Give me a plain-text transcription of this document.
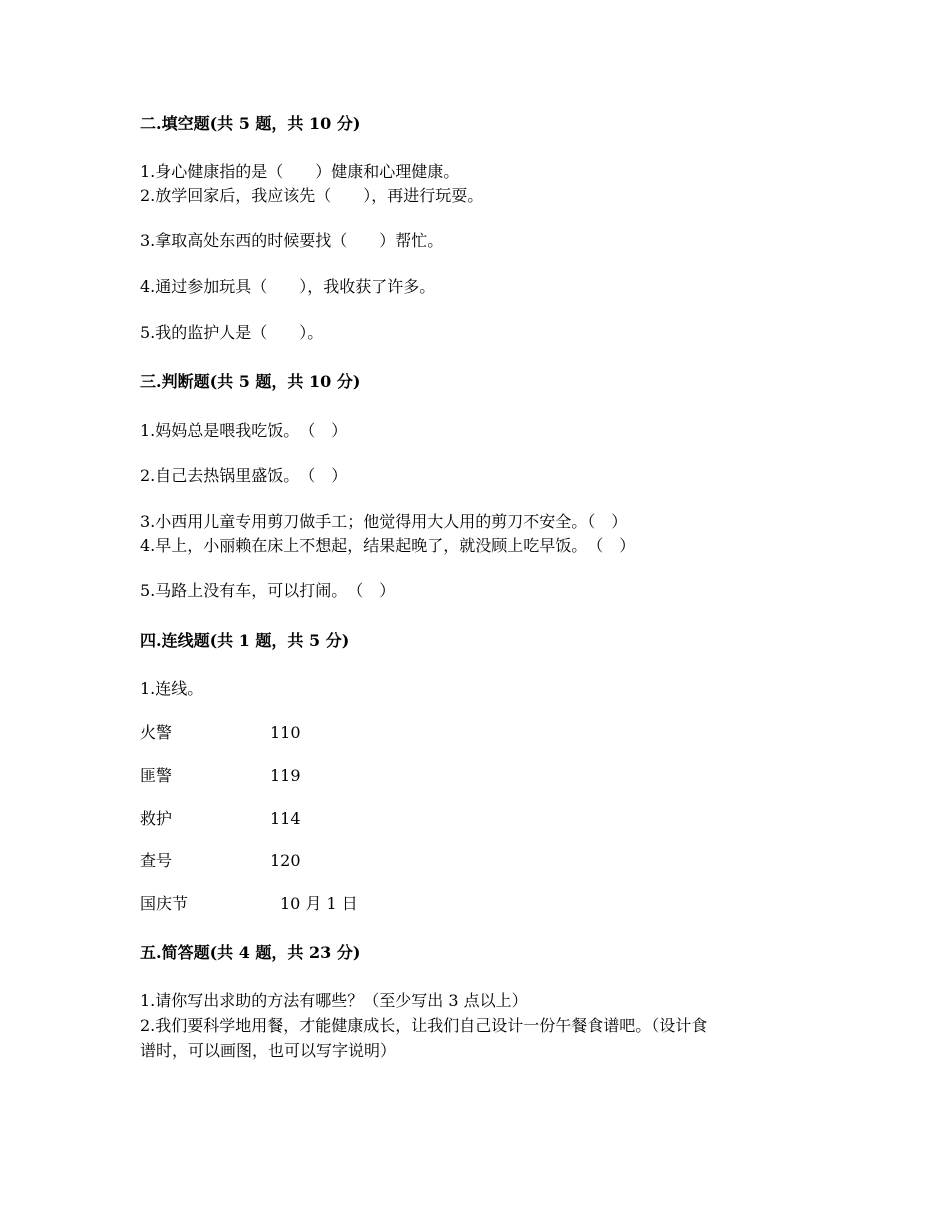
二.填空题(共 5 题，共 10 分)
1.身心健康指的是（　　）健康和心理健康。
2.放学回家后，我应该先（　　），再进行玩耍。
3.拿取高处东西的时候要找（　　）帮忙。
4.通过参加玩具（　　），我收获了许多。
5.我的监护人是（　　）。
三.判断题(共 5 题，共 10 分)
1.妈妈总是喂我吃饭。　（　）
2.自己去热锅里盛饭。　（　）
3.小西用儿童专用剪刀做手工；他觉得用大人用的剪刀不安全。（　）
4.早上，小丽赖在床上不想起，结果起晚了，就没顾上吃早饭。　（　）
5.马路上没有车，可以打闹。　（　）
四.连线题(共 1 题，共 5 分)
1.连线。
火警	110
匪警	119
救护	114
查号	120
国庆节	10 月 1 日
五.简答题(共 4 题，共 23 分)
1.请你写出求助的方法有哪些？（至少写出 3 点以上）
2.我们要科学地用餐，才能健康成长，让我们自己设计一份午餐食谱吧。（设计食
谱时，可以画图，也可以写字说明）
